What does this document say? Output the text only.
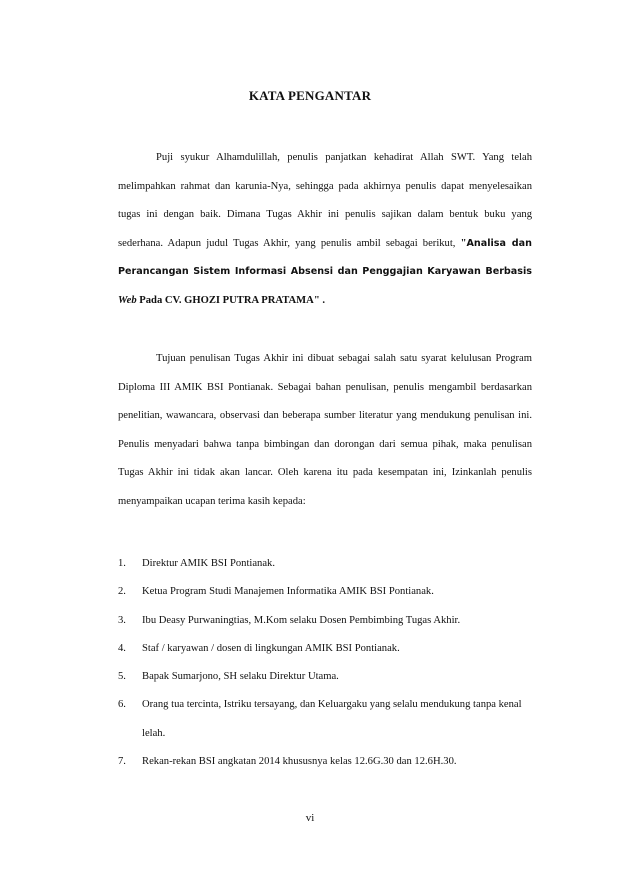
KATA PENGANTAR

Puji syukur Alhamdulillah, penulis panjatkan kehadirat Allah SWT. Yang telah melimpahkan rahmat dan karunia-Nya, sehingga pada akhirnya penulis dapat menyelesaikan tugas ini dengan baik. Dimana Tugas Akhir ini penulis sajikan dalam bentuk buku yang sederhana. Adapun judul Tugas Akhir, yang penulis ambil sebagai berikut, "Analisa dan Perancangan Sistem Informasi Absensi dan Penggajian Karyawan Berbasis Web Pada CV. GHOZI PUTRA PRATAMA" .

Tujuan penulisan Tugas Akhir ini dibuat sebagai salah satu syarat kelulusan Program Diploma III AMIK BSI Pontianak. Sebagai bahan penulisan, penulis mengambil berdasarkan penelitian, wawancara, observasi dan beberapa sumber literatur yang mendukung penulisan ini. Penulis menyadari bahwa tanpa bimbingan dan dorongan dari semua pihak, maka penulisan Tugas Akhir ini tidak akan lancar. Oleh karena itu pada kesempatan ini, Izinkanlah penulis menyampaikan ucapan terima kasih kepada:

1. Direktur AMIK BSI Pontianak.
2. Ketua Program Studi Manajemen Informatika AMIK BSI Pontianak.
3. Ibu Deasy Purwaningtias, M.Kom selaku Dosen Pembimbing Tugas Akhir.
4. Staf / karyawan / dosen di lingkungan AMIK BSI Pontianak.
5. Bapak Sumarjono, SH selaku Direktur Utama.
6. Orang tua tercinta, Istriku tersayang, dan Keluargaku yang selalu mendukung tanpa kenal lelah.
7. Rekan-rekan BSI angkatan 2014 khususnya kelas 12.6G.30 dan 12.6H.30.
vi
